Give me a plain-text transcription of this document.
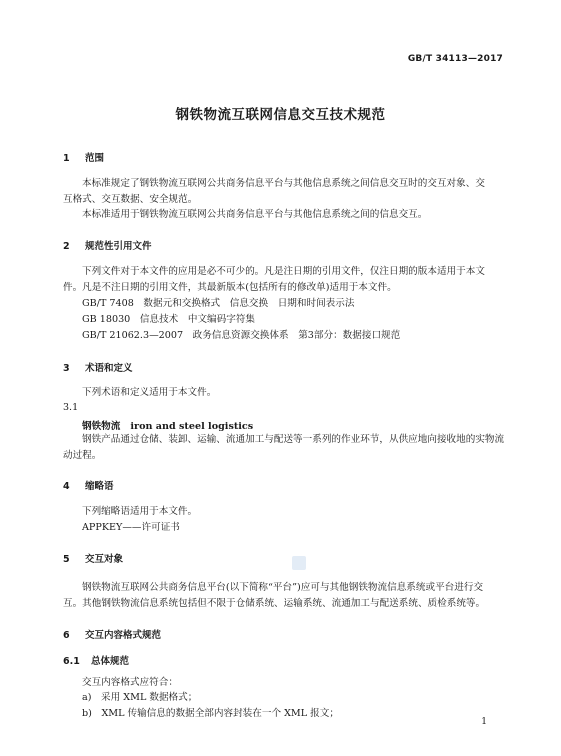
GB/T 34113—2017
钢铁物流互联网信息交互技术规范
1 范围
本标准规定了钢铁物流互联网公共商务信息平台与其他信息系统之间信息交互时的交互对象、交
互格式、交互数据、安全规范。
本标准适用于钢铁物流互联网公共商务信息平台与其他信息系统之间的信息交互。
2 规范性引用文件
下列文件对于本文件的应用是必不可少的。凡是注日期的引用文件，仅注日期的版本适用于本文
件。凡是不注日期的引用文件，其最新版本(包括所有的修改单)适用于本文件。
GB/T 7408　数据元和交换格式　信息交换　日期和时间表示法
GB 18030　信息技术　中文编码字符集
GB/T 21062.3—2007　政务信息资源交换体系　第3部分：数据接口规范
3 术语和定义
下列术语和定义适用于本文件。
3.1
钢铁物流 iron and steel logistics
钢铁产品通过仓储、装卸、运输、流通加工与配送等一系列的作业环节，从供应地向接收地的实物流
动过程。
4 缩略语
下列缩略语适用于本文件。
APPKEY——许可证书
5 交互对象
钢铁物流互联网公共商务信息平台(以下简称“平台”)应可与其他钢铁物流信息系统或平台进行交
互。其他钢铁物流信息系统包括但不限于仓储系统、运输系统、流通加工与配送系统、质检系统等。
6 交互内容格式规范
6.1 总体规范
交互内容格式应符合：
a)　采用 XML 数据格式；
b)　XML 传输信息的数据全部内容封装在一个 XML 报文；
1
